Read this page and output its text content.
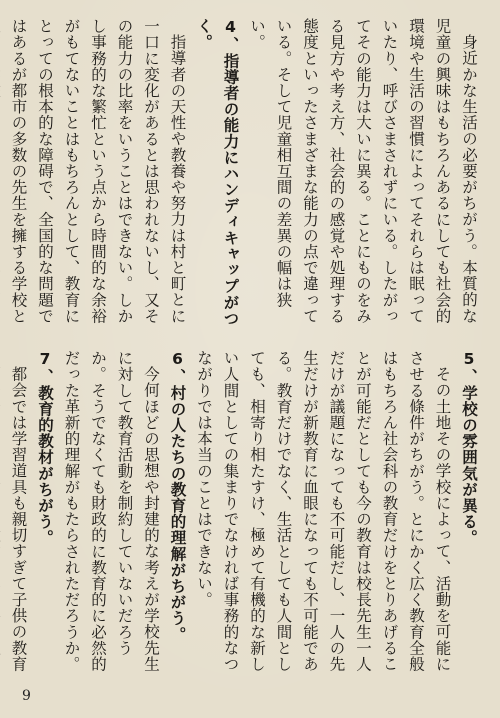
身近かな生活の必要がちがう。本質的な児童の興味はもちろんあるにしても社会的環境や生活の習慣によってそれらは眠っていたり、呼びさまされずにいる。したがってその能力は大いに異る。ことにものをみる見方や考え方、社会的の感覚や処理する態度といったさまざまな能力の点で違っている。そして児童相互間の差異の幅は狭い。

4、指導者の能力にハンディキャップがつく。

指導者の天性や教養や努力は村と町とに一口に変化があるとは思われないし、又その能力の比率をいうことはできない。しかし事務的な繁忙という点から時間的な余裕がもてないことはもちろんとして、教育にとっての根本的な障碍で、全国的な問題ではあるが都市の多数の先生を擁する学校と

5、学校の雰囲気が異る。

その土地その学校によって、活動を可能にさせる條件がちがう。とにかく広く教育全般はもちろん社会科の教育だけをとりあげることが可能だとしても今の教育は校長先生一人だけが議題になっても不可能だし、一人の先生だけが新教育に血眼になっても不可能である。教育だけでなく、生活としても人間としても、相寄り相たすけ、極めて有機的な新しい人間としての集まりでなければ事務的なつながりでは本当のことはできない。

6、村の人たちの教育的理解がちがう。

今何ほどの思想や封建的な考えが学校先生に対して教育活動を制約していないだろうか。そうでなくても財政的に教育的に必然的だった革新的理解がもたらされただろうか。

7、教育的教材がちがう。

都会では学習道具も親切すぎて子供の教育

9
